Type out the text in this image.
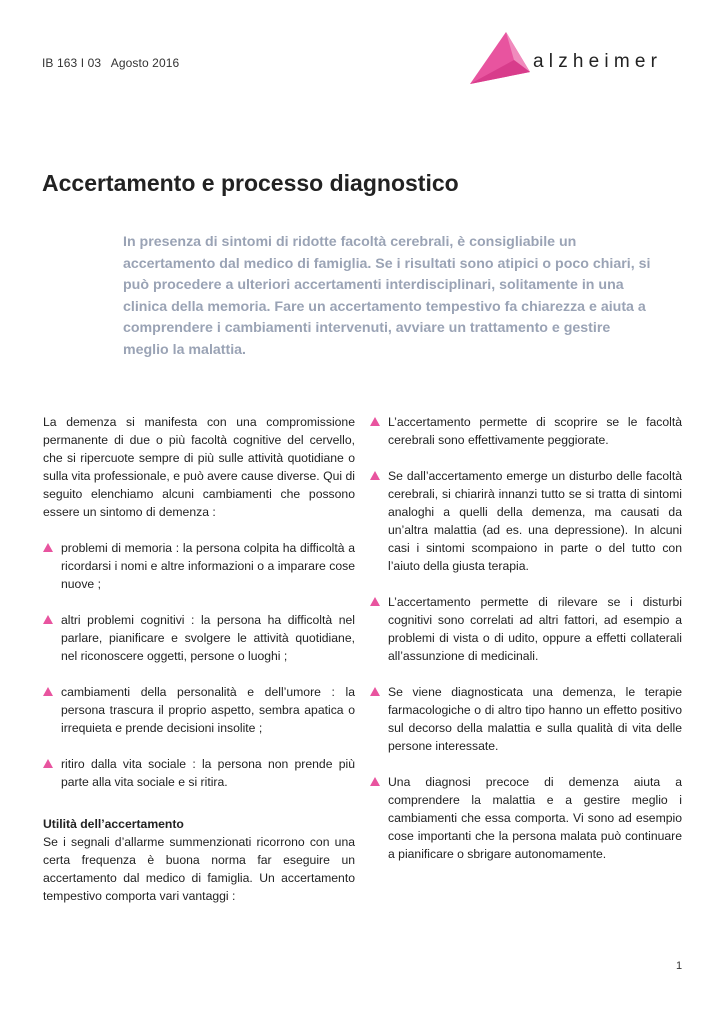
IB 163 I 03   Agosto 2016	alzheimer
Accertamento e processo diagnostico

In presenza di sintomi di ridotte facoltà cerebrali, è consigliabile un accertamento dal medico di famiglia. Se i risultati sono atipici o poco chiari, si può procedere a ulteriori accertamenti interdisciplinari, solitamente in una clinica della memoria. Fare un accertamento tempestivo fa chiarezza e aiuta a comprendere i cambiamenti intervenuti, avviare un trattamento e gestire meglio la malattia.

La demenza si manifesta con una compromissione permanente di due o più facoltà cognitive del cervello, che si ripercuote sempre di più sulle attività quotidiane o sulla vita professionale, e può avere cause diverse. Qui di seguito elenchiamo alcuni cambiamenti che possono essere un sintomo di demenza :

problemi di memoria : la persona colpita ha difficoltà a ricordarsi i nomi e altre informazioni o a imparare cose nuove ;
altri problemi cognitivi : la persona ha difficoltà nel parlare, pianificare e svolgere le attività quotidiane, nel riconoscere oggetti, persone o luoghi ;
cambiamenti della personalità e dell’umore : la persona trascura il proprio aspetto, sembra apatica o irrequieta e prende decisioni insolite ;
ritiro dalla vita sociale : la persona non prende più parte alla vita sociale e si ritira.

Utilità dell’accertamento

Se i segnali d’allarme summenzionati ricorrono con una certa frequenza è buona norma far eseguire un accertamento dal medico di famiglia. Un accertamento tempestivo comporta vari vantaggi :

L’accertamento permette di scoprire se le facoltà cerebrali sono effettivamente peggiorate.
Se dall’accertamento emerge un disturbo delle facoltà cerebrali, si chiarirà innanzi tutto se si tratta di sintomi analoghi a quelli della demenza, ma causati da un’altra malattia (ad es. una depressione). In alcuni casi i sintomi scompaiono in parte o del tutto con l’aiuto della giusta terapia.
L’accertamento permette di rilevare se i disturbi cognitivi sono correlati ad altri fattori, ad esempio a problemi di vista o di udito, oppure a effetti collaterali all’assunzione di medicinali.
Se viene diagnosticata una demenza, le terapie farmacologiche o di altro tipo hanno un effetto positivo sul decorso della malattia e sulla qualità di vita delle persone interessate.
Una diagnosi precoce di demenza aiuta a comprendere la malattia e a gestire meglio i cambiamenti che essa comporta. Vi sono ad esempio cose importanti che la persona malata può continuare a pianificare o sbrigare autonomamente.
1
